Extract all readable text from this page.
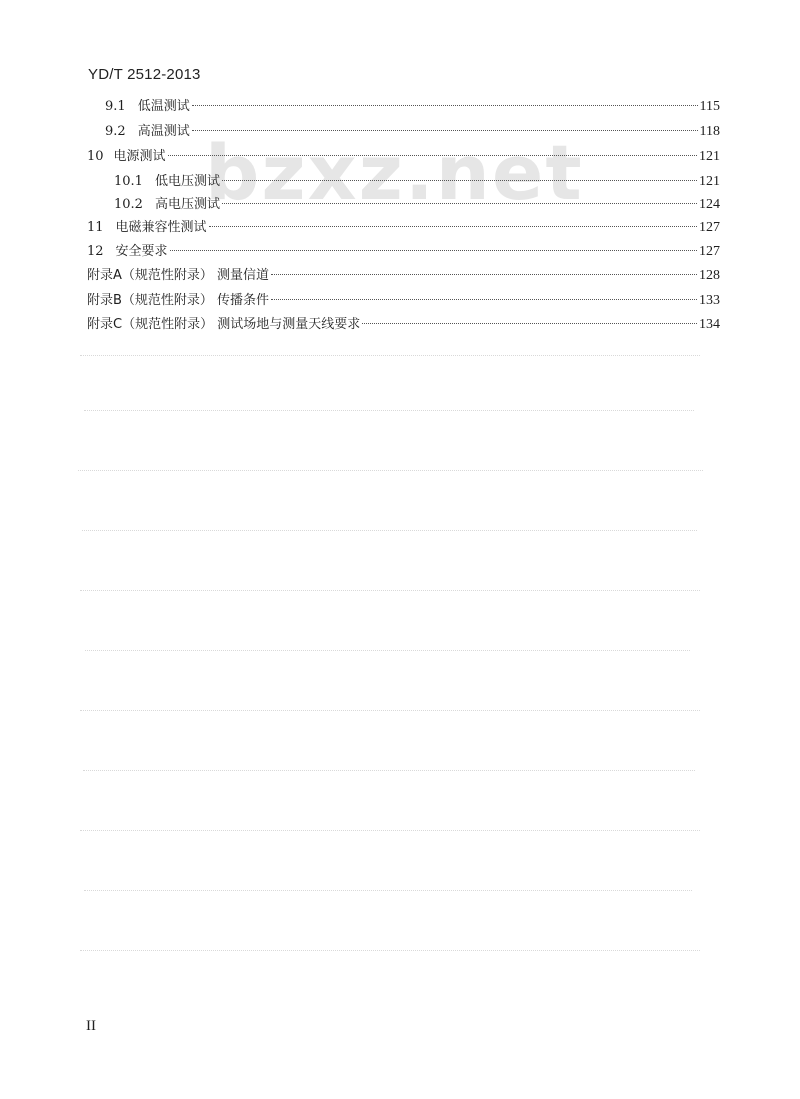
YD/T 2512-2013
bzxz.net
9.1 低温测试	115
9.2 高温测试	118
10 电源测试	121
10.1 低电压测试	121
10.2 高电压测试	124
11 电磁兼容性测试	127
12 安全要求	127
附录A （规范性附录） 测量信道	128
附录B （规范性附录） 传播条件	133
附录C （规范性附录） 测试场地与测量天线要求	134
II
